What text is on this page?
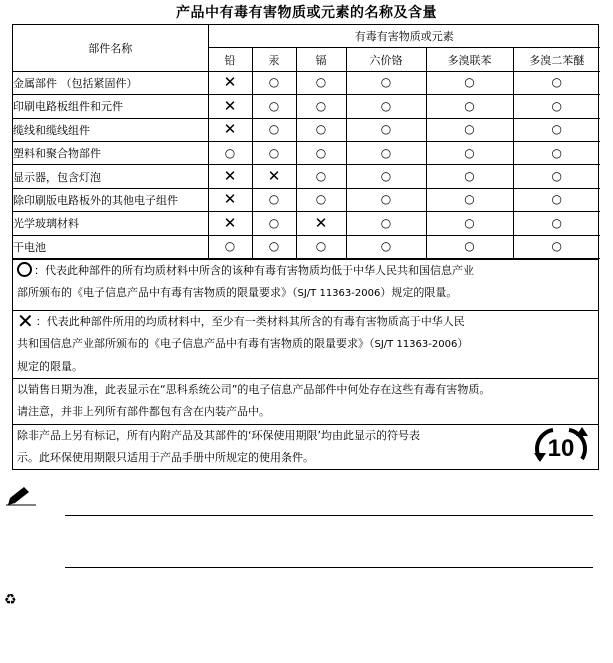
产品中有毒有害物质或元素的名称及含量
部件名称	有毒有害物质或元素					
	铅	汞	镉	六价铬	多溴联苯	多溴二苯醚
金属部件 （包括紧固件）	✕	○	○	○	○	○
印刷电路板组件和元件	✕	○	○	○	○	○
缆线和缆线组件	✕	○	○	○	○	○
塑料和聚合物部件	○	○	○	○	○	○
显示器，包含灯泡	✕	✕	○	○	○	○
除印刷版电路板外的其他电子组件	✕	○	○	○	○	○
光学玻璃材料	✕	○	✕	○	○	○
干电池	○	○	○	○	○	○
：代表此种部件的所有均质材料中所含的该种有毒有害物质均低于中华人民共和国信息产业
部所颁布的《电子信息产品中有毒有害物质的限量要求》（SJ/T 11363-2006）规定的限量。
✕ ：代表此种部件所用的均质材料中，至少有一类材料其所含的有毒有害物质高于中华人民
共和国信息产业部所颁布的《电子信息产品中有毒有害物质的限量要求》（SJ/T 11363-2006）
规定的限量。
以销售日期为准，此表显示在“思科系统公司”的电子信息产品部件中何处存在这些有毒有害物质。
请注意，并非上列所有部件都包有含在内装产品中。
除非产品上另有标记，所有内附产品及其部件的‘环保使用期限’均由此显示的符号表
示。此环保使用期限只适用于产品手册中所规定的使用条件。	10
♻
